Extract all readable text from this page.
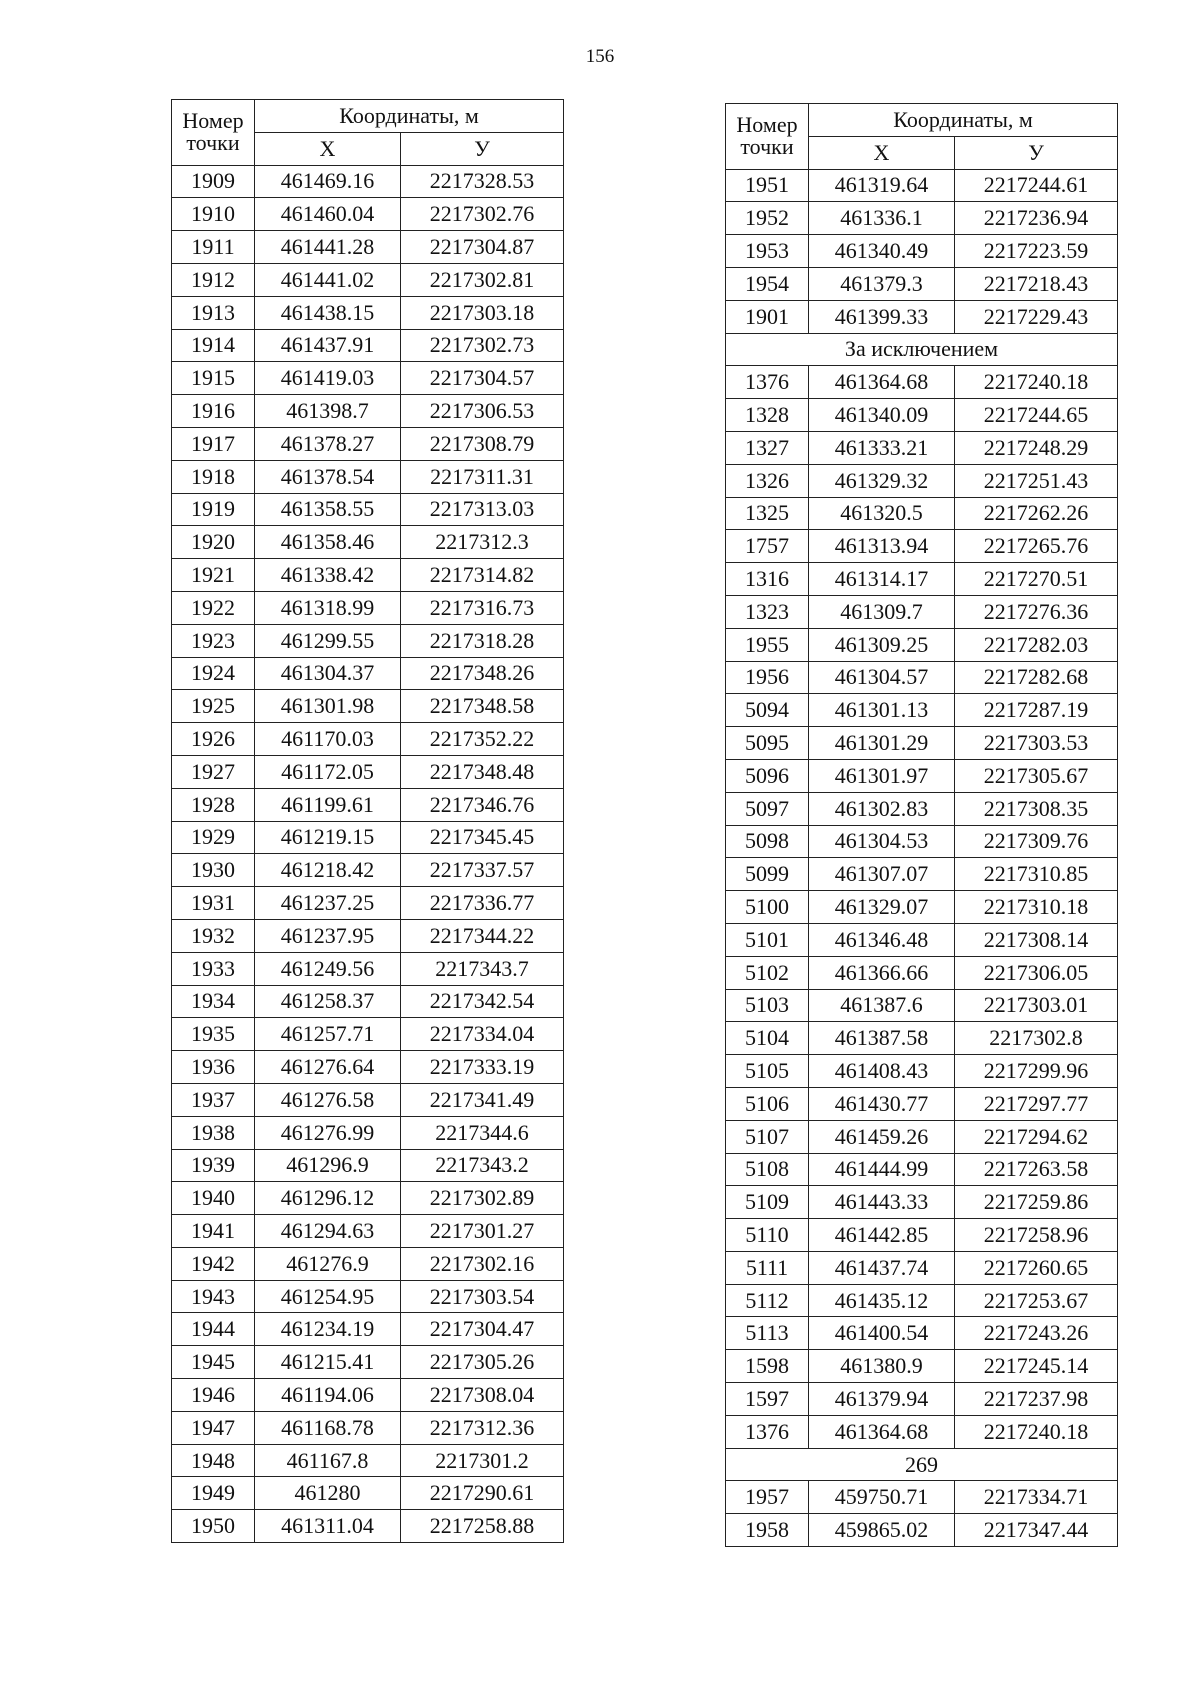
156
Номер
точки	Координаты, м	
	X	У
1909	461469.16	2217328.53
1910	461460.04	2217302.76
1911	461441.28	2217304.87
1912	461441.02	2217302.81
1913	461438.15	2217303.18
1914	461437.91	2217302.73
1915	461419.03	2217304.57
1916	461398.7	2217306.53
1917	461378.27	2217308.79
1918	461378.54	2217311.31
1919	461358.55	2217313.03
1920	461358.46	2217312.3
1921	461338.42	2217314.82
1922	461318.99	2217316.73
1923	461299.55	2217318.28
1924	461304.37	2217348.26
1925	461301.98	2217348.58
1926	461170.03	2217352.22
1927	461172.05	2217348.48
1928	461199.61	2217346.76
1929	461219.15	2217345.45
1930	461218.42	2217337.57
1931	461237.25	2217336.77
1932	461237.95	2217344.22
1933	461249.56	2217343.7
1934	461258.37	2217342.54
1935	461257.71	2217334.04
1936	461276.64	2217333.19
1937	461276.58	2217341.49
1938	461276.99	2217344.6
1939	461296.9	2217343.2
1940	461296.12	2217302.89
1941	461294.63	2217301.27
1942	461276.9	2217302.16
1943	461254.95	2217303.54
1944	461234.19	2217304.47
1945	461215.41	2217305.26
1946	461194.06	2217308.04
1947	461168.78	2217312.36
1948	461167.8	2217301.2
1949	461280	2217290.61
1950	461311.04	2217258.88
Номер
точки	Координаты, м	
	X	У
1951	461319.64	2217244.61
1952	461336.1	2217236.94
1953	461340.49	2217223.59
1954	461379.3	2217218.43
1901	461399.33	2217229.43
За исключением		
1376	461364.68	2217240.18
1328	461340.09	2217244.65
1327	461333.21	2217248.29
1326	461329.32	2217251.43
1325	461320.5	2217262.26
1757	461313.94	2217265.76
1316	461314.17	2217270.51
1323	461309.7	2217276.36
1955	461309.25	2217282.03
1956	461304.57	2217282.68
5094	461301.13	2217287.19
5095	461301.29	2217303.53
5096	461301.97	2217305.67
5097	461302.83	2217308.35
5098	461304.53	2217309.76
5099	461307.07	2217310.85
5100	461329.07	2217310.18
5101	461346.48	2217308.14
5102	461366.66	2217306.05
5103	461387.6	2217303.01
5104	461387.58	2217302.8
5105	461408.43	2217299.96
5106	461430.77	2217297.77
5107	461459.26	2217294.62
5108	461444.99	2217263.58
5109	461443.33	2217259.86
5110	461442.85	2217258.96
5111	461437.74	2217260.65
5112	461435.12	2217253.67
5113	461400.54	2217243.26
1598	461380.9	2217245.14
1597	461379.94	2217237.98
1376	461364.68	2217240.18
269		
1957	459750.71	2217334.71
1958	459865.02	2217347.44
